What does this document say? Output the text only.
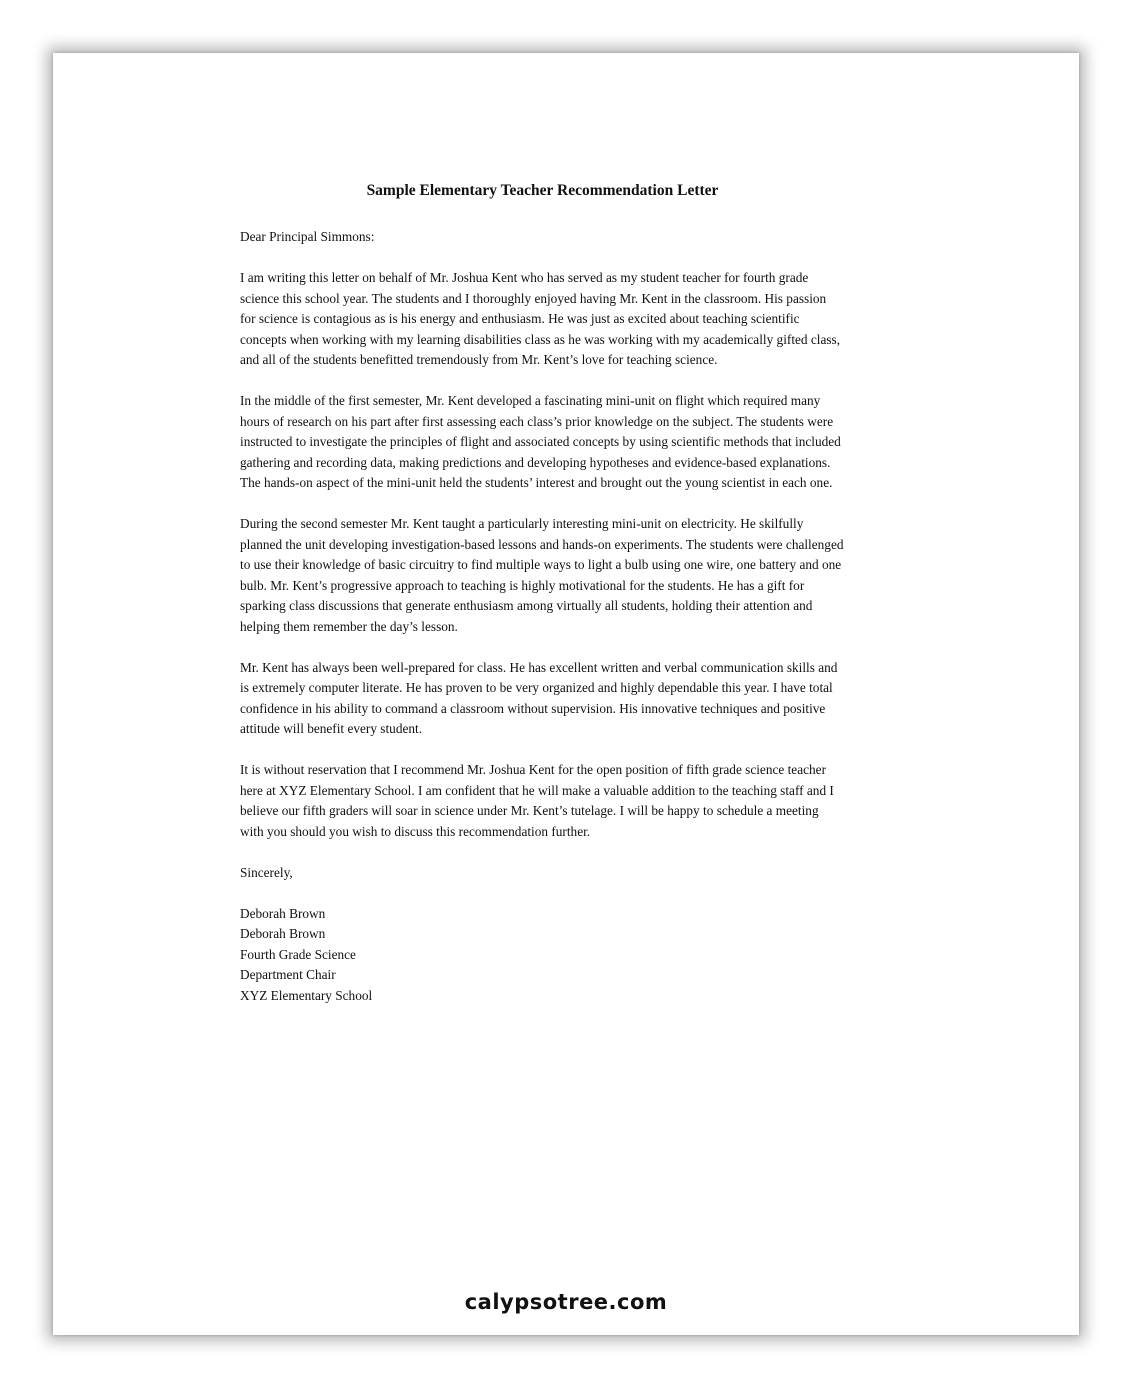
Sample Elementary Teacher Recommendation Letter

Dear Principal Simmons:

I am writing this letter on behalf of Mr. Joshua Kent who has served as my student teacher for fourth grade science this school year. The students and I thoroughly enjoyed having Mr. Kent in the classroom. His passion for science is contagious as is his energy and enthusiasm. He was just as excited about teaching scientific concepts when working with my learning disabilities class as he was working with my academically gifted class, and all of the students benefitted tremendously from Mr. Kent’s love for teaching science.

In the middle of the first semester, Mr. Kent developed a fascinating mini-unit on flight which required many hours of research on his part after first assessing each class’s prior knowledge on the subject. The students were instructed to investigate the principles of flight and associated concepts by using scientific methods that included gathering and recording data, making predictions and developing hypotheses and evidence-based explanations. The hands-on aspect of the mini-unit held the students’ interest and brought out the young scientist in each one.

During the second semester Mr. Kent taught a particularly interesting mini-unit on electricity. He skilfully planned the unit developing investigation-based lessons and hands-on experiments. The students were challenged to use their knowledge of basic circuitry to find multiple ways to light a bulb using one wire, one battery and one bulb. Mr. Kent’s progressive approach to teaching is highly motivational for the students. He has a gift for sparking class discussions that generate enthusiasm among virtually all students, holding their attention and helping them remember the day’s lesson.

Mr. Kent has always been well-prepared for class. He has excellent written and verbal communication skills and is extremely computer literate. He has proven to be very organized and highly dependable this year. I have total confidence in his ability to command a classroom without supervision. His innovative techniques and positive attitude will benefit every student.

It is without reservation that I recommend Mr. Joshua Kent for the open position of fifth grade science teacher here at XYZ Elementary School. I am confident that he will make a valuable addition to the teaching staff and I believe our fifth graders will soar in science under Mr. Kent’s tutelage. I will be happy to schedule a meeting with you should you wish to discuss this recommendation further.

Sincerely,

Deborah Brown

Deborah Brown

Fourth Grade Science

Department Chair

XYZ Elementary School

calypsotree.com
